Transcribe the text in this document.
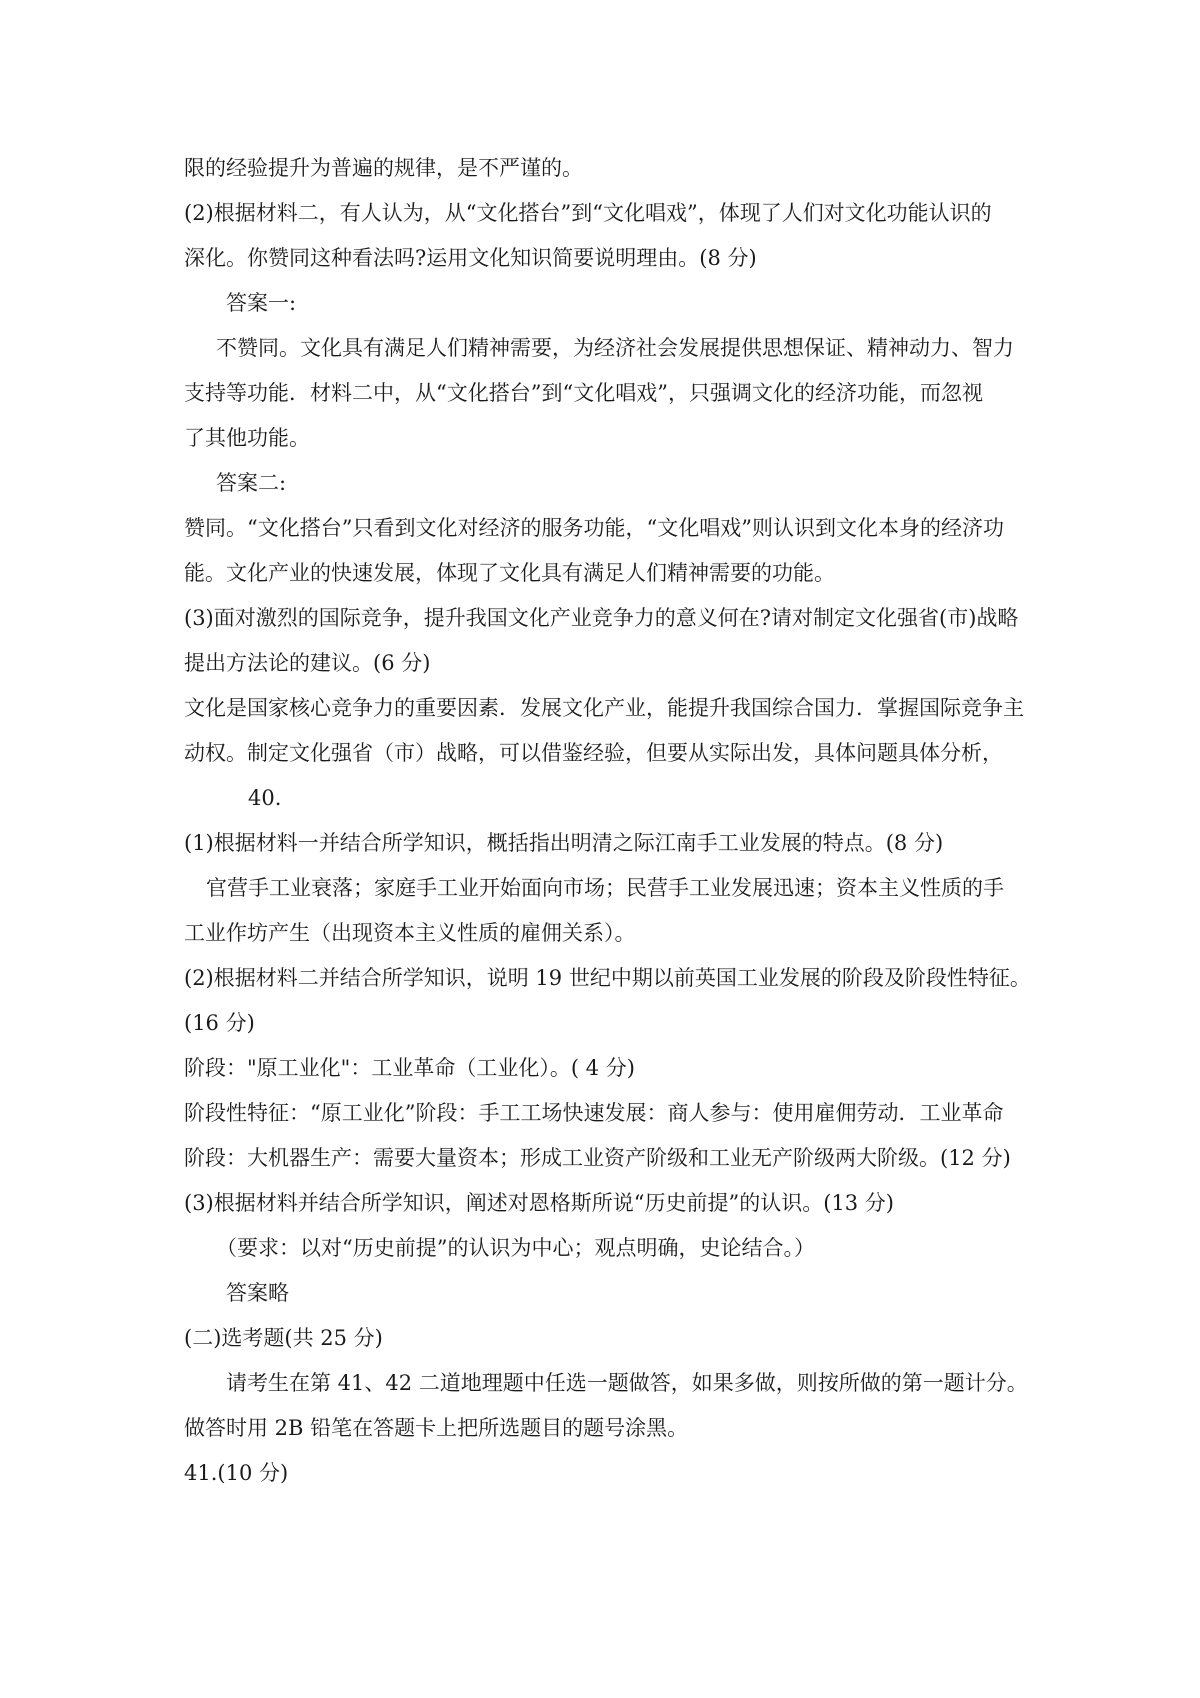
限的经验提升为普遍的规律，是不严谨的。

(2)根据材料二，有人认为，从“文化搭台”到“文化唱戏”，体现了人们对文化功能认识的

深化。你赞同这种看法吗?运用文化知识简要说明理由。(8 分)

答案一:

不赞同。文化具有满足人们精神需要，为经济社会发展提供思想保证、精神动力、智力

支持等功能．材料二中，从“文化搭台”到“文化唱戏”，只强调文化的经济功能，而忽视

了其他功能。

答案二:

赞同。“文化搭台”只看到文化对经济的服务功能，“文化唱戏”则认识到文化本身的经济功

能。文化产业的快速发展，体现了文化具有满足人们精神需要的功能。

(3)面对激烈的国际竞争，提升我国文化产业竞争力的意义何在?请对制定文化强省(市)战略

提出方法论的建议。(6 分)

文化是国家核心竞争力的重要因素．发展文化产业，能提升我国综合国力．掌握国际竞争主

动权。制定文化强省（市）战略，可以借鉴经验，但要从实际出发，具体问题具体分析，

40.

(1)根据材料一并结合所学知识，概括指出明清之际江南手工业发展的特点。(8 分)

官营手工业衰落；家庭手工业开始面向市场；民营手工业发展迅速；资本主义性质的手

工业作坊产生（出现资本主义性质的雇佣关系）。

(2)根据材料二并结合所学知识，说明 19 世纪中期以前英国工业发展的阶段及阶段性特征。

(16 分)

阶段："原工业化"：工业革命（工业化）。( 4 分)

阶段性特征：“原工业化”阶段：手工工场快速发展：商人参与：使用雇佣劳动．工业革命

阶段：大机器生产：需要大量资本；形成工业资产阶级和工业无产阶级两大阶级。(12 分)

(3)根据材料并结合所学知识，阐述对恩格斯所说“历史前提”的认识。(13 分)

（要求：以对“历史前提”的认识为中心；观点明确，史论结合。）

答案略

(二)选考题(共 25 分)

请考生在第 41、42 二道地理题中任选一题做答，如果多做，则按所做的第一题计分。

做答时用 2B 铅笔在答题卡上把所选题目的题号涂黑。

41.(10 分)
